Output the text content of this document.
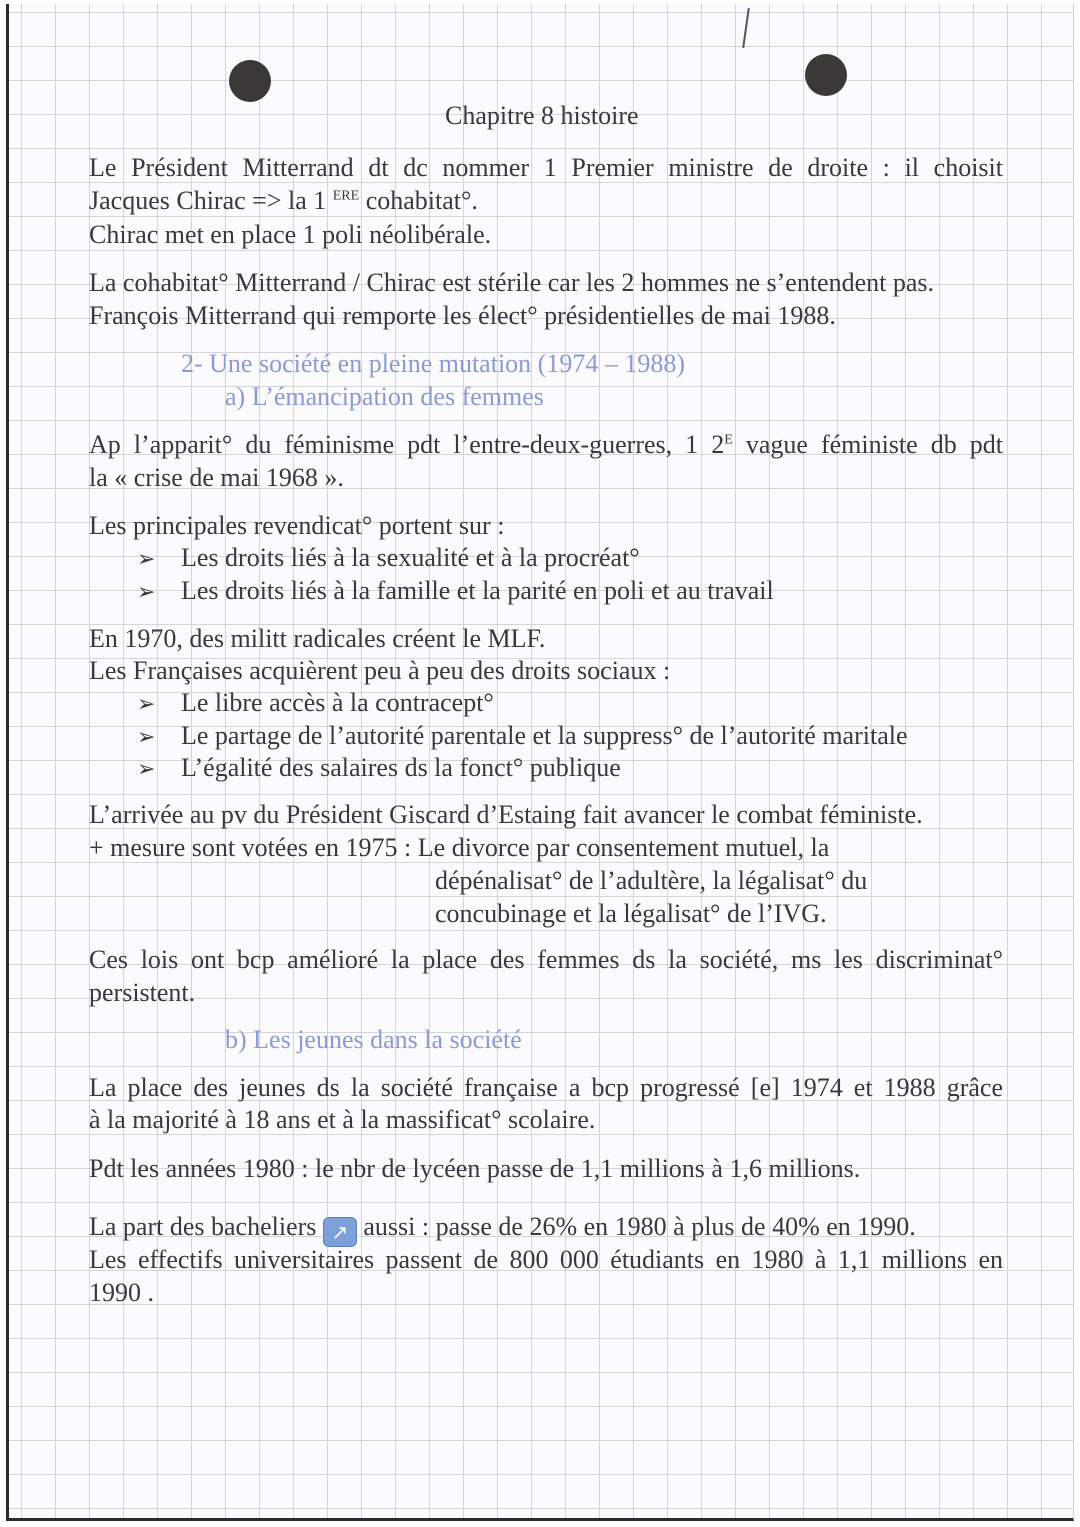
Chapitre 8 histoire
Le Président Mitterrand dt dc nommer 1 Premier ministre de droite : il choisit
Jacques Chirac => la 1 $^{ERE}$ cohabitat°.
Chirac met en place 1 poli néolibérale.
La cohabitat° Mitterrand / Chirac est stérile car les 2 hommes ne s’entendent pas.
François Mitterrand qui remporte les élect° présidentielles de mai 1988.
2- Une société en pleine mutation (1974 – 1988)
a) L’émancipation des femmes
Ap l’apparit° du féminisme pdt l’entre-deux-guerres, 1 $2^E$ vague féministe db pdt
la « crise de mai 1968 ».
Les principales revendicat° portent sur :
➢ Les droits liés à la sexualité et à la procréat°
➢ Les droits liés à la famille et la parité en poli et au travail
En 1970, des militt radicales créent le MLF.
Les Françaises acquièrent peu à peu des droits sociaux :
➢ Le libre accès à la contracept°
➢ Le partage de l’autorité parentale et la suppress° de l’autorité maritale
➢ L’égalité des salaires ds la fonct° publique
L’arrivée au pv du Président Giscard d’Estaing fait avancer le combat féministe.
+ mesure sont votées en 1975 : Le divorce par consentement mutuel, la
dépénalisat° de l’adultère, la légalisat° du
concubinage et la légalisat° de l’IVG.
Ces lois ont bcp amélioré la place des femmes ds la société, ms les discriminat°
persistent.
b) Les jeunes dans la société
La place des jeunes ds la société française a bcp progressé [e] 1974 et 1988 grâce
à la majorité à 18 ans et à la massificat° scolaire.
Pdt les années 1980 : le nbr de lycéen passe de 1,1 millions à 1,6 millions.
La part des bacheliers ↗ aussi : passe de 26% en 1980 à plus de 40% en 1990.
Les effectifs universitaires passent de 800 000 étudiants en 1980 à 1,1 millions en
1990 .
